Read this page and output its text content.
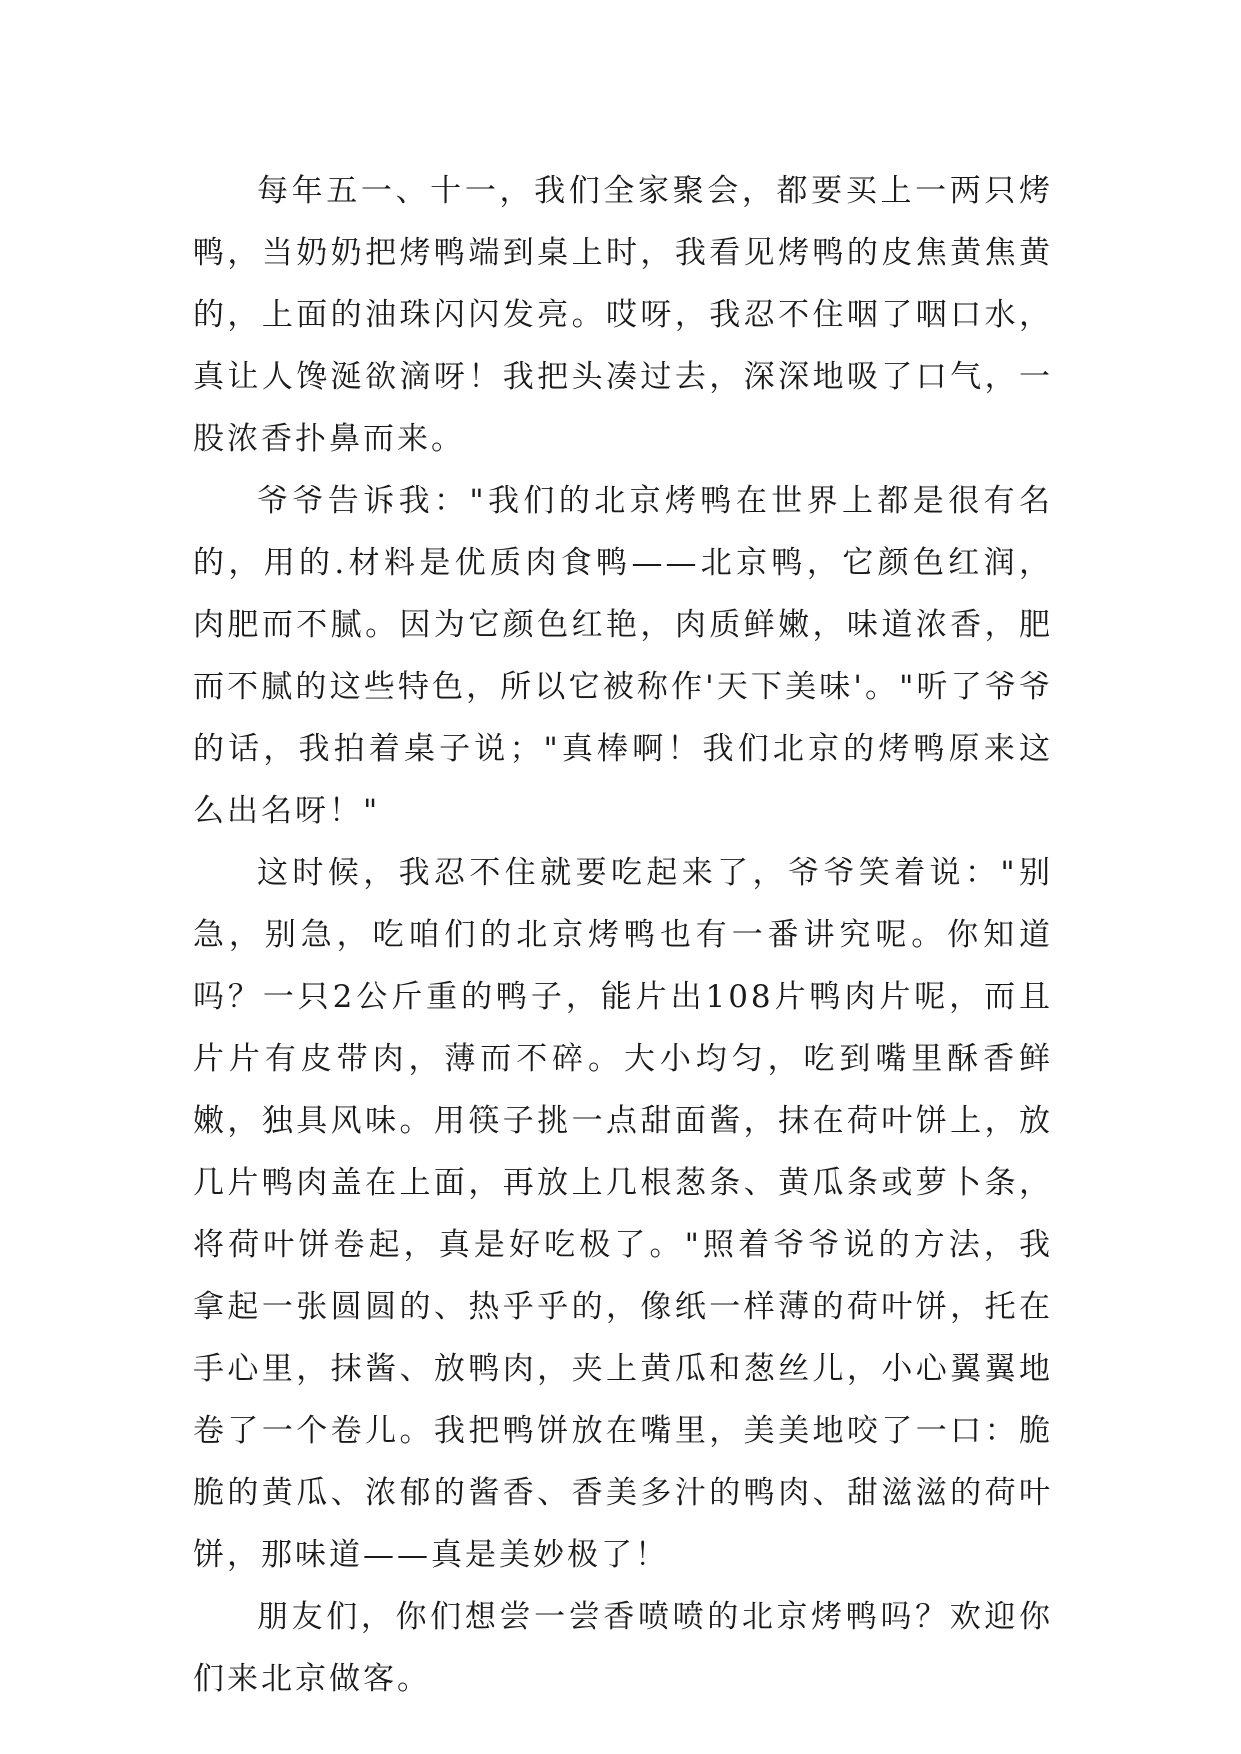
每年五一、十一，我们全家聚会，都要买上一两只烤鸭，当奶奶把烤鸭端到桌上时，我看见烤鸭的皮焦黄焦黄的，上面的油珠闪闪发亮。哎呀，我忍不住咽了咽口水，真让人馋涎欲滴呀！我把头凑过去，深深地吸了口气，一股浓香扑鼻而来。

爷爷告诉我："我们的北京烤鸭在世界上都是很有名的，用的.材料是优质肉食鸭——北京鸭，它颜色红润，肉肥而不腻。因为它颜色红艳，肉质鲜嫩，味道浓香，肥而不腻的这些特色，所以它被称作'天下美味'。"听了爷爷的话，我拍着桌子说；"真棒啊！我们北京的烤鸭原来这么出名呀！"

这时候，我忍不住就要吃起来了，爷爷笑着说："别急，别急，吃咱们的北京烤鸭也有一番讲究呢。你知道吗？一只2公斤重的鸭子，能片出108片鸭肉片呢，而且片片有皮带肉，薄而不碎。大小均匀，吃到嘴里酥香鲜嫩，独具风味。用筷子挑一点甜面酱，抹在荷叶饼上，放几片鸭肉盖在上面，再放上几根葱条、黄瓜条或萝卜条，将荷叶饼卷起，真是好吃极了。"照着爷爷说的方法，我拿起一张圆圆的、热乎乎的，像纸一样薄的荷叶饼，托在手心里，抹酱、放鸭肉，夹上黄瓜和葱丝儿，小心翼翼地卷了一个卷儿。我把鸭饼放在嘴里，美美地咬了一口：脆脆的黄瓜、浓郁的酱香、香美多汁的鸭肉、甜滋滋的荷叶饼，那味道——真是美妙极了！

朋友们，你们想尝一尝香喷喷的北京烤鸭吗？欢迎你们来北京做客。
